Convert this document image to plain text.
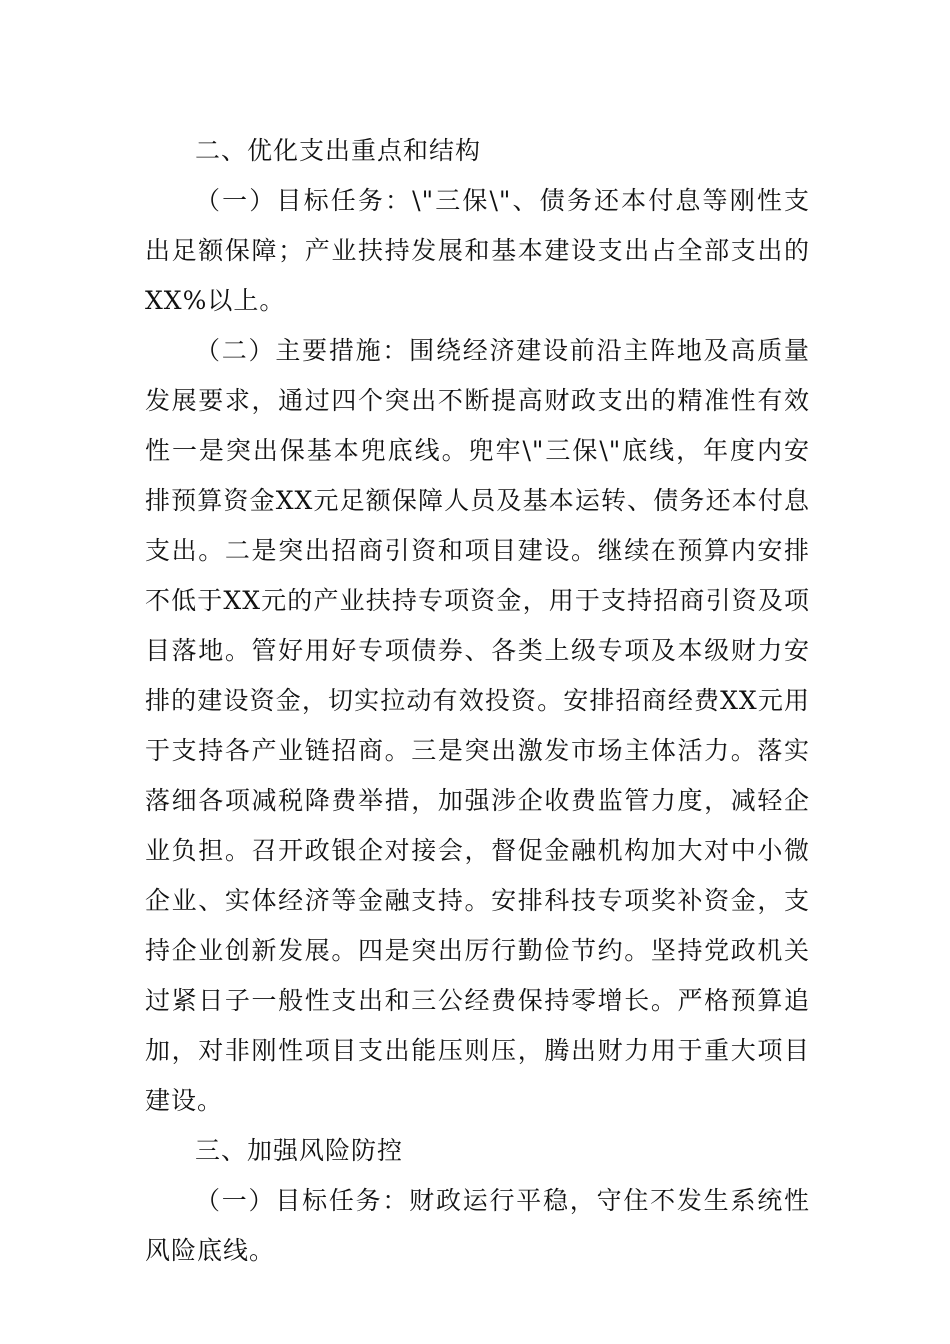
二、优化支出重点和结构

（一）目标任务：\"三保\"、债务还本付息等刚性支出足额保障；产业扶持发展和基本建设支出占全部支出的XX%以上。

（二）主要措施：围绕经济建设前沿主阵地及高质量发展要求，通过四个突出不断提高财政支出的精准性有效性一是突出保基本兜底线。兜牢\"三保\"底线，年度内安排预算资金XX元足额保障人员及基本运转、债务还本付息支出。二是突出招商引资和项目建设。继续在预算内安排不低于XX元的产业扶持专项资金，用于支持招商引资及项目落地。管好用好专项债券、各类上级专项及本级财力安排的建设资金，切实拉动有效投资。安排招商经费XX元用于支持各产业链招商。三是突出激发市场主体活力。落实落细各项减税降费举措，加强涉企收费监管力度，减轻企业负担。召开政银企对接会，督促金融机构加大对中小微企业、实体经济等金融支持。安排科技专项奖补资金，支持企业创新发展。四是突出厉行勤俭节约。坚持党政机关过紧日子一般性支出和三公经费保持零增长。严格预算追加，对非刚性项目支出能压则压，腾出财力用于重大项目建设。

三、加强风险防控

（一）目标任务：财政运行平稳，守住不发生系统性风险底线。
